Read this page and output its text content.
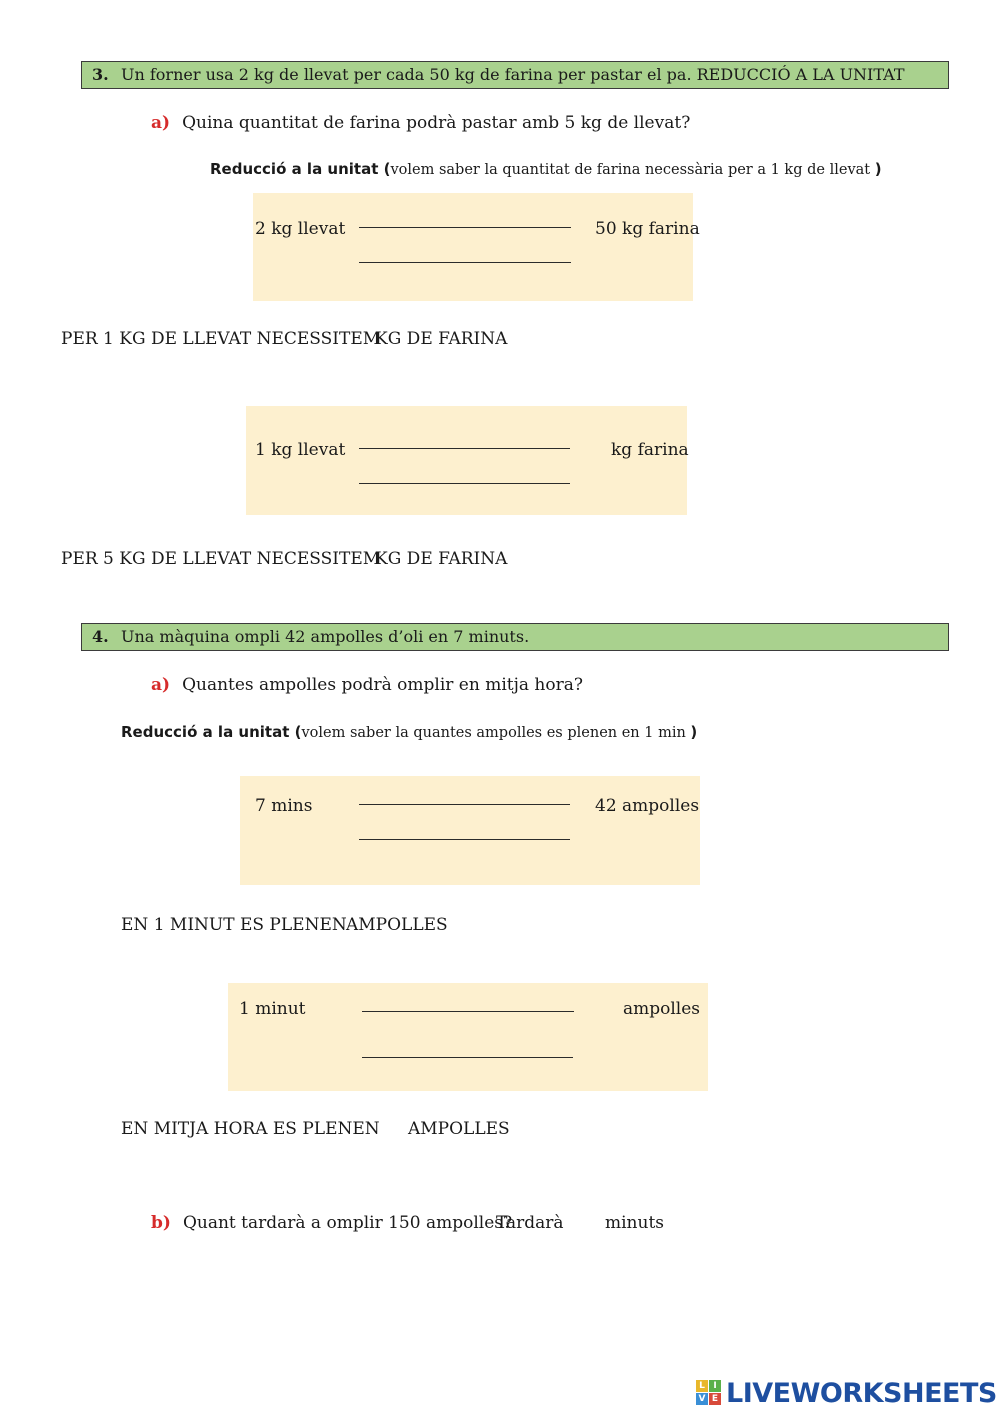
3. Un forner usa 2 kg de llevat per cada 50 kg de farina per pastar el pa. REDUCCIÓ A LA UNITAT
a) Quina quantitat de farina podrà pastar amb 5 kg de llevat?
Reducció a la unitat (volem saber la quantitat de farina necessària per a 1 kg de llevat )
2 kg llevat	50 kg farina
PER 1 KG DE LLEVAT NECESSITEM
KG DE FARINA
1 kg llevat	kg farina
PER 5 KG DE LLEVAT NECESSITEM
KG DE FARINA
4. Una màquina ompli 42 ampolles d’oli en 7 minuts.
a) Quantes ampolles podrà omplir en mitja hora?
Reducció a la unitat (volem saber la quantes ampolles es plenen en 1 min )
7 mins	42 ampolles
EN 1 MINUT ES PLENEN AMPOLLES
1 minut	ampolles
EN MITJA HORA ES PLENEN AMPOLLES
b) Quant tardarà a omplir 150 ampolles?
Tardarà minuts
L I
V E LIVEWORKSHEETS
